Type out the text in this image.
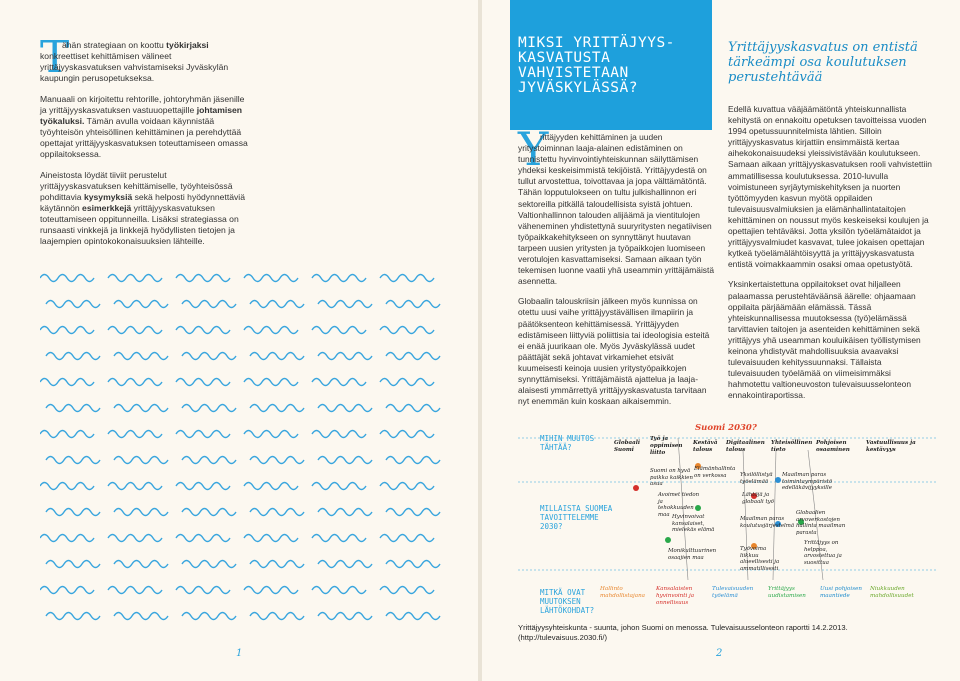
T

ähän strategiaan on koottu työkirjaksi konkreettiset kehittämisen välineet yrittäjyyskasvatuksen vahvistamiseksi Jyväskylän kaupungin perusopetukseksa.

Manuaali on kirjoitettu rehtorille, johtoryhmän jäsenille ja yrittäjyyskasvatuksen vastuuopettajille johtamisen työkaluksi. Tämän avulla voidaan käynnistää työyhteisön yhteisöllinen kehittäminen ja perehdyttää opettajat yrittäjyyskasvatuksen toteuttamiseen omassa oppilaitoksessa.

Aineistosta löydät tiiviit perustelut yrittäjyyskasvatuksen kehittämiselle, työyhteisössä pohdittavia kysymyksiä sekä helposti hyödynnettäviä käytännön esimerkkejä yrittäjyyskasvatuksen toteuttamiseen oppitunneilla. Lisäksi strategiassa on runsaasti vinkkejä ja linkkejä hyödyllisten tietojen ja laajempien opintokokonaisuuksien lähteille.

1
MIKSI YRITTÄJYYS-KASVATUSTA VAHVISTETAAN JYVÄSKYLÄSSÄ?
Y

rittäjyyden kehittäminen ja uuden yritystoiminnan laaja-alainen edistäminen on tunnistettu hyvinvointiyhteiskunnan säilyttämisen yhdeksi keskeisimmistä tekijöistä. Yrittäjyydestä on tullut arvostettua, toivottavaa ja jopa välttämätöntä. Tähän lopputulokseen on tultu julkishallinnon eri sektoreilla pitkällä taloudellisista syistä johtuen. Valtionhallinnon talouden alijäämä ja vientitulojen väheneminen yhdistettynä suuryritysten negatiivisen työpaikkakehitykseen on synnyttänyt huutavan tarpeen uusien yritysten ja työpaikkojen luomiseen verotulojen kasvattamiseksi. Samaan aikaan työn tekemisen luonne vaatii yhä useammin yrittäjämäistä asennetta.

Globaalin talouskriisin jälkeen myös kunnissa on otettu uusi vaihe yrittäjyystävällisen ilmapiirin ja päätöksenteon kehittämisessä. Yrittäjyyden edistämiseen liittyviä poliittisia tai ideologisia esteitä ei enää juurikaan ole. Myös Jyväskylässä uudet päättäjät sekä johtavat virkamiehet etsivät kuumeisesti keinoja uusien yritystyöpaikkojen synnyttämiseksi. Yrittäjämäistä ajattelua ja laaja-alaisesti ymmärrettyä yrittäjyyskasvatusta tarvitaan nyt enemmän kuin koskaan aikaisemmin.

Yrittäjyyskasvatus on entistä tärkeämpi osa koulutuksen perustehtävää

Edellä kuvattua vääjäämätöntä yhteiskunnallista kehitystä on ennakoitu opetuksen tavoitteissa vuoden 1994 opetussuunnitelmista lähtien. Silloin yrittäjyyskasvatus kirjattiin ensimmäistä kertaa aihekokonaisuudeksi yleissivistävään koulutukseen. Samaan aikaan yrittäjyyskasvatuksen rooli vahvistettiin ammatillisessa koulutuksessa. 2010-luvulla voimistuneen syrjäytymiskehityksen ja nuorten työttömyyden kasvun myötä oppilaiden tulevaisuusvalmiuksien ja elämänhallintataitojen kehittäminen on noussut myös keskeiseksi koulujen ja opettajien tehtäväksi. Jotta yksilön työelämätaidot ja yrittäjyysvalmiudet kasvavat, tulee jokaisen opettajan kytkeä työelämälähtöisyyttä ja yrittäjyyskasvatusta entistä voimakkaammin osaksi omaa opetustyötä.

Yksinkertaistettuna oppilaitokset ovat hiljalleen palaamassa perustehtäväänsä äärelle: ohjaamaan oppilaita pärjäämään elämässä. Tässä yhteiskunnallisessa muutoksessa (työ)elämässä tarvittavien taitojen ja asenteiden kehittäminen sekä yrittäjyys yhä useamman kouluikäisen työllistymisen keinona yhdistyvät mahdollisuuksia avaavaksi tulevaisuuden kehityssuunnaksi. Tällaista tulevaisuuden työelämää on viimeisimmäksi hahmotettu valtioneuvoston tulevaisuusselonteon ennakointiraportissa.

MIHIN MUUTOS TÄHTÄÄ?
MILLAISTA SUOMEA TAVOITTELEMME 2030?
MITKÄ OVAT MUUTOKSEN LÄHTÖKOHDAT?
Globaali Suomi
Työ ja oppimisen liitto
Kestävä talous
Digitaalinen talous
Yhteisöllinen tieto
Pohjoisen osaaminen
Vastuullisuus ja kestävyys
Suomi on hyvä paikka kaikkien asua
Elämänhallinta on verkossa	Yksilöllistyä työelämää
Avoimet tiedon ja tehokkuuden maa
Lähtöjä ja globaali työ
Hyvinvoivat kansalaiset, mielekäs elämä
Maailman paras koulutusjärjestelmä
Maailman paras toimintaympäristö edelläkävijyyksille
Globaalien arvoverkostojen hallinta maailman parasta
Monikulttuurinen osaajien maa
Työvoima liikkuu alueellisesti ja ammatillisesti
Yrittäjyys on helppoa, arvostettua ja suosittua
Hallinto mahdollistajana
Kansalaisten hyvinvointi ja onnellisuus
Tulevaisuuden työelämä
Yrittäjyys uudistamisen
Uusi pohjoisen maantiede
Niukkuuden mahdollisuudet
Suomi 2030?
Yrittäjyysyhteiskunta - suunta, johon Suomi on menossa. Tulevaisuusselonteon raportti 14.2.2013. (http://tulevaisuus.2030.fi/)
2
